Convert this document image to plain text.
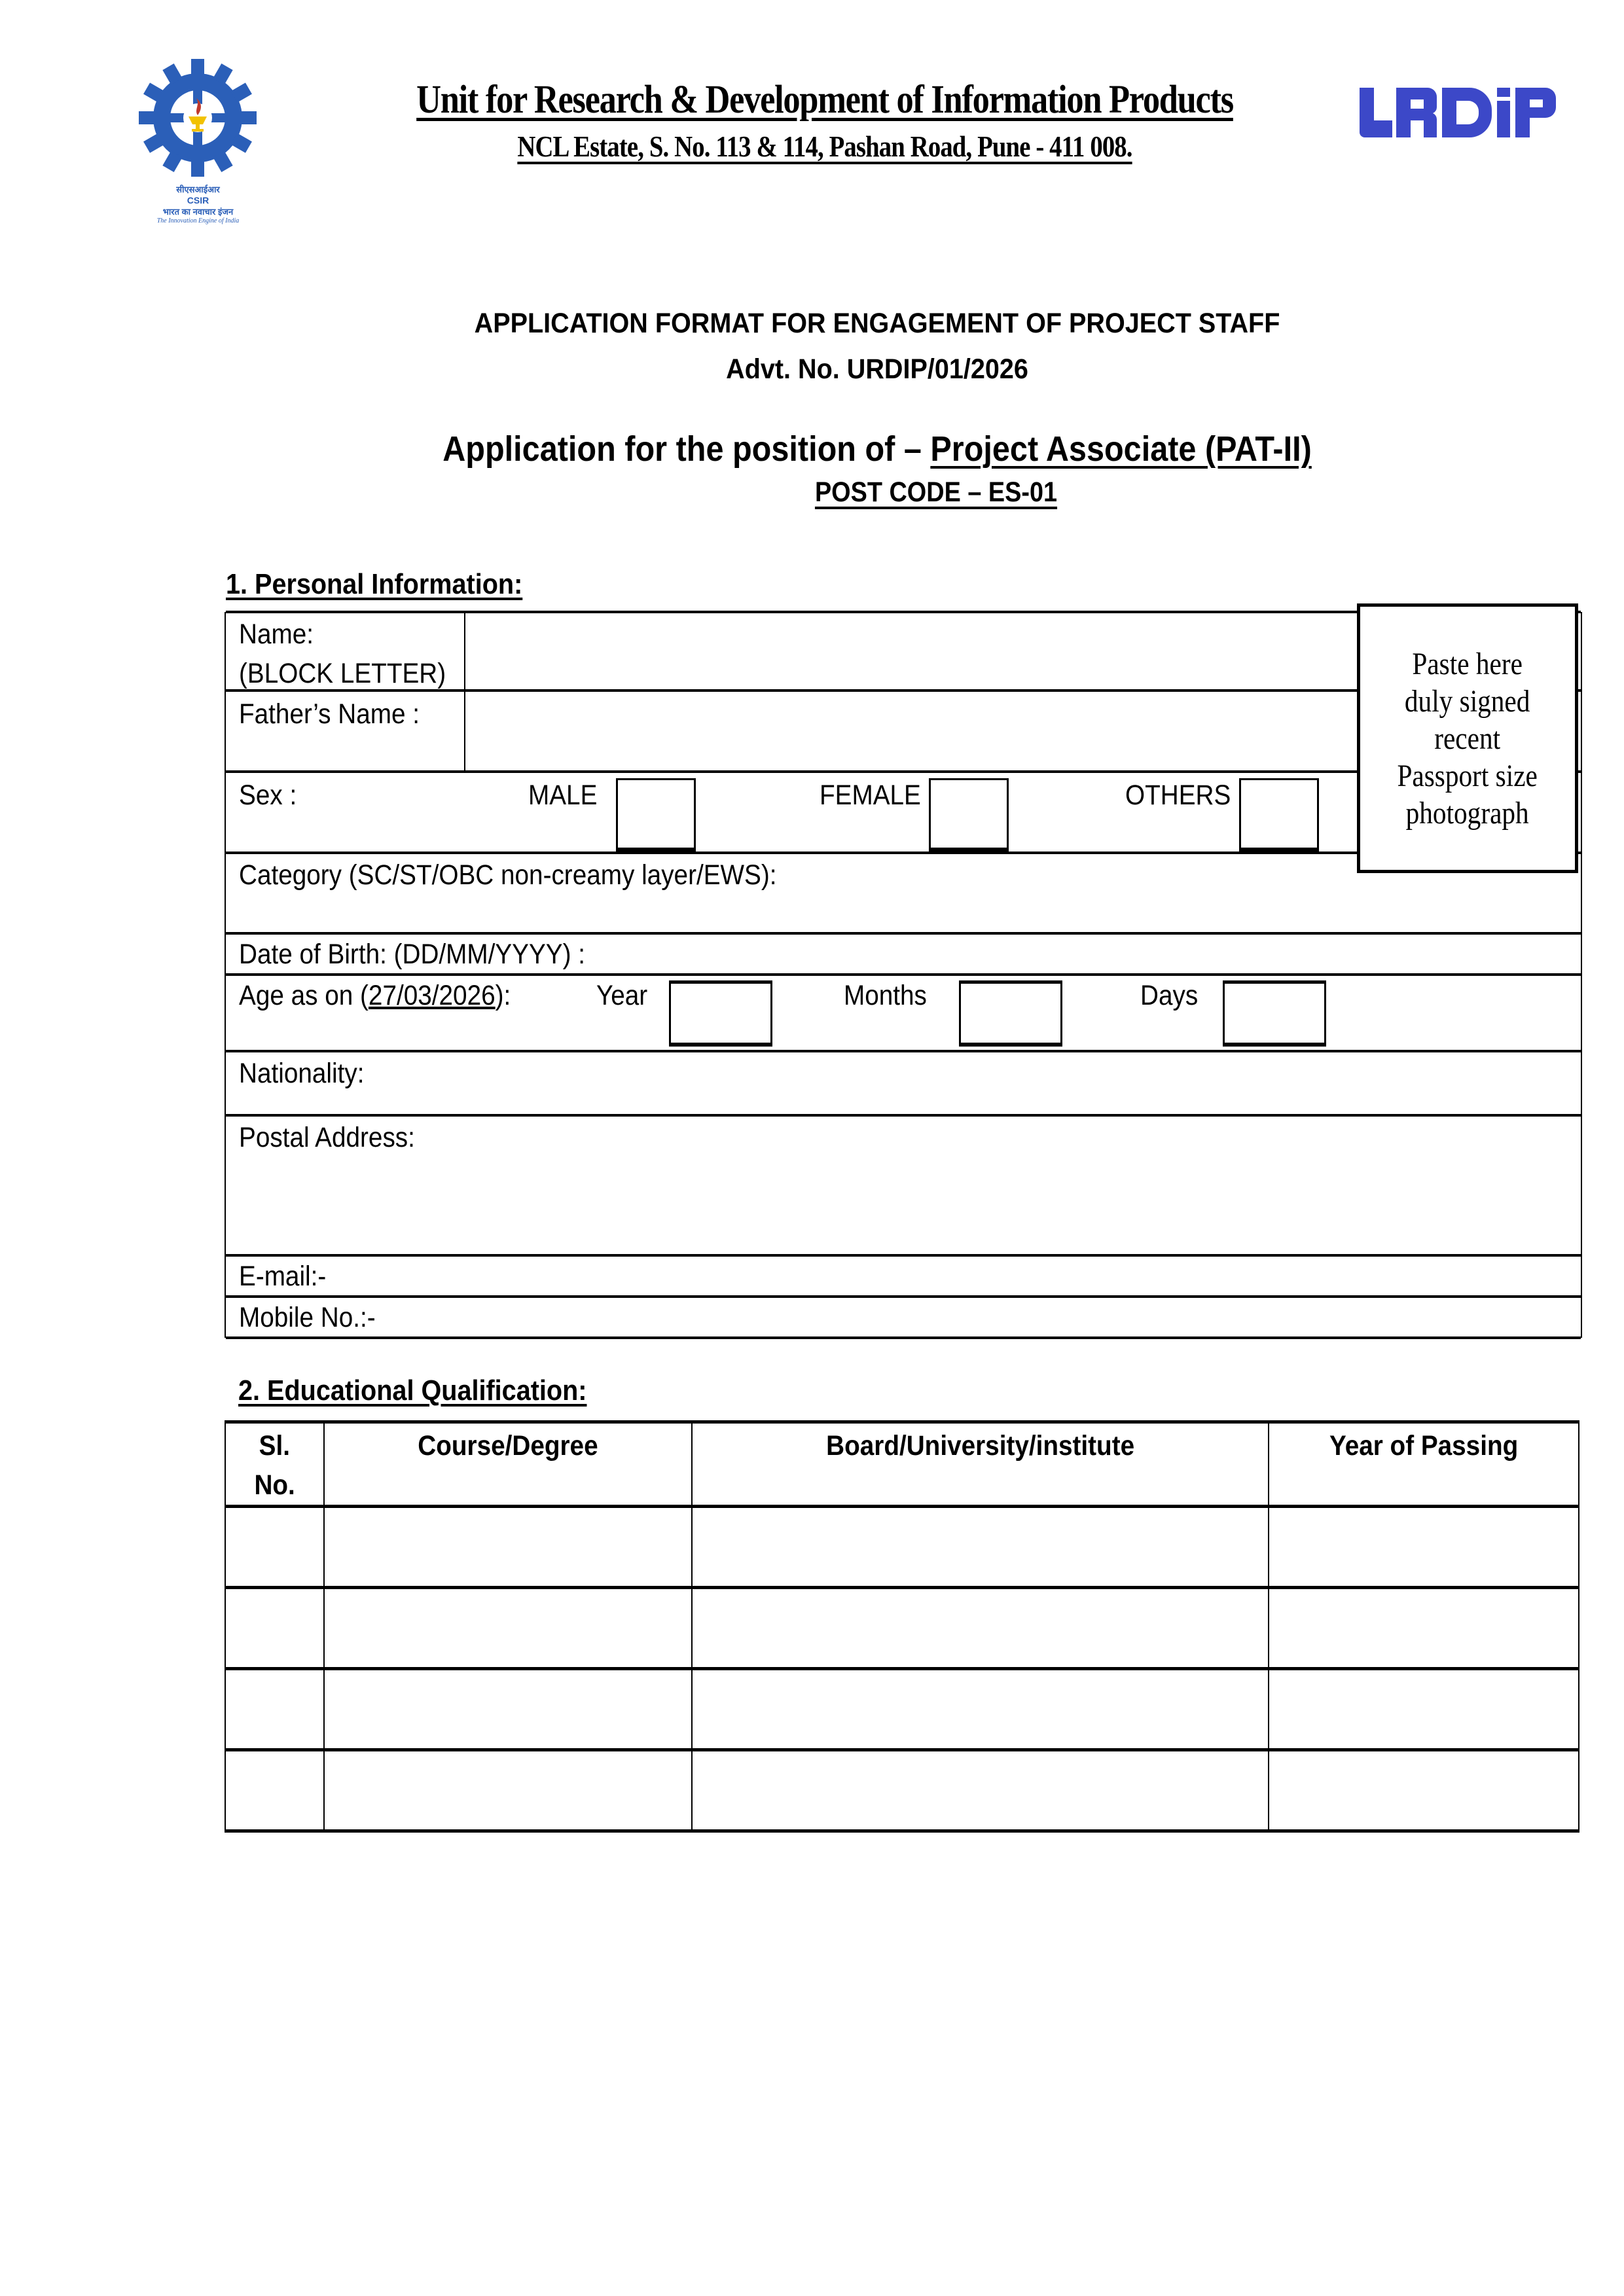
सीएसआईआर
CSIR
भारत का नवाचार इंजन
The Innovation Engine of India
Unit for Research & Development of Information Products
NCL Estate, S. No. 113 & 114, Pashan Road, Pune - 411 008.
APPLICATION FORMAT FOR ENGAGEMENT OF PROJECT STAFF
Advt. No. URDIP/01/2026
Application for the position of – Project Associate (PAT-II)
POST CODE – ES-01
1. Personal Information:
Name:
(BLOCK LETTER)
Father’s Name :
Sex :	MALE	FEMALE	OTHERS
Category (SC/ST/OBC non-creamy layer/EWS):
Date of Birth: (DD/MM/YYYY) :
Age as on (27/03/2026):	Year	Months	Days
Nationality:
Postal Address:
E-mail:-
Mobile No.:-
Paste here
duly signed
recent
Passport size
photograph
2. Educational Qualification:
Sl.
No.	Course/Degree	Board/University/institute	Year of Passing
